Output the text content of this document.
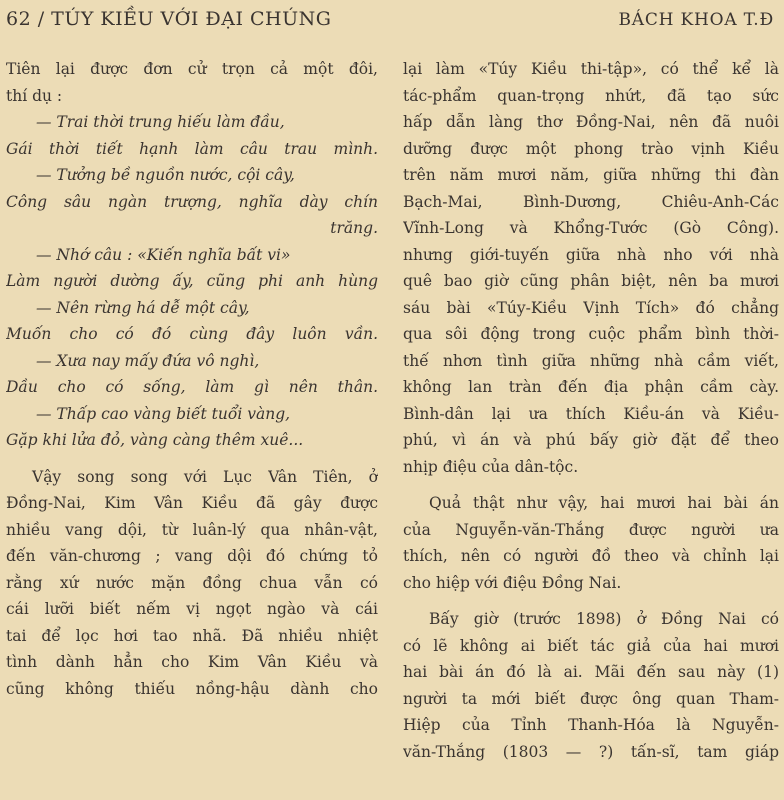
62 / TÚY KIỀU VỚI ĐẠI CHÚNG	BÁCH KHOA T.Đ
Tiên lại được đơn cử trọn cả một đôi,
thí dụ :
— Trai thời trung hiếu làm đầu,
Gái thời tiết hạnh làm câu trau mình.
— Tưởng bề nguồn nước, cội cây,
Công sâu ngàn trượng, nghĩa dày chín
trăng.
— Nhớ câu : «Kiến nghĩa bất vi»
Làm người dường ấy, cũng phi anh hùng
— Nên rừng há dễ một cây,
Muốn cho có đó cùng đây luôn vần.
— Xưa nay mấy đứa vô nghì,
Dầu cho có sống, làm gì nên thân.
— Thấp cao vàng biết tuổi vàng,
Gặp khi lửa đỏ, vàng càng thêm xuê...
Vậy song song với Lục Vân Tiên, ở
Đồng-Nai, Kim Vân Kiều đã gây được
nhiều vang dội, từ luân-lý qua nhân-vật,
đến văn-chương ; vang dội đó chứng tỏ
rằng xứ nước mặn đồng chua vẫn có
cái lưỡi biết nếm vị ngọt ngào và cái
tai để lọc hơi tao nhã. Đã nhiều nhiệt
tình dành hẳn cho Kim Vân Kiều và
cũng không thiếu nồng-hậu dành cho
lại làm «Túy Kiều thi-tập», có thể kể là
tác-phẩm quan-trọng nhứt, đã tạo sức
hấp dẫn làng thơ Đồng-Nai, nên đã nuôi
dưỡng được một phong trào vịnh Kiều
trên năm mươi năm, giữa những thi đàn
Bạch-Mai, Bình-Dương, Chiêu-Anh-Các
Vĩnh-Long và Khổng-Tước (Gò Công).
nhưng giới-tuyến giữa nhà nho với nhà
quê bao giờ cũng phân biệt, nên ba mươi
sáu bài «Túy-Kiều Vịnh Tích» đó chẳng
qua sôi động trong cuộc phẩm bình thời-
thế nhơn tình giữa những nhà cầm viết,
không lan tràn đến địa phận cầm cày.
Bình-dân lại ưa thích Kiều-án và Kiều-
phú, vì án và phú bấy giờ đặt để theo
nhịp điệu của dân-tộc.
Quả thật như vậy, hai mươi hai bài án
của Nguyễn-văn-Thắng được người ưa
thích, nên có người đồ theo và chỉnh lại
cho hiệp với điệu Đồng Nai.
Bấy giờ (trước 1898) ở Đồng Nai có
có lẽ không ai biết tác giả của hai mươi
hai bài án đó là ai. Mãi đến sau này (1)
người ta mới biết được ông quan Tham-
Hiệp của Tỉnh Thanh-Hóa là Nguyễn-
văn-Thắng (1803 — ?) tấn-sĩ, tam giáp
